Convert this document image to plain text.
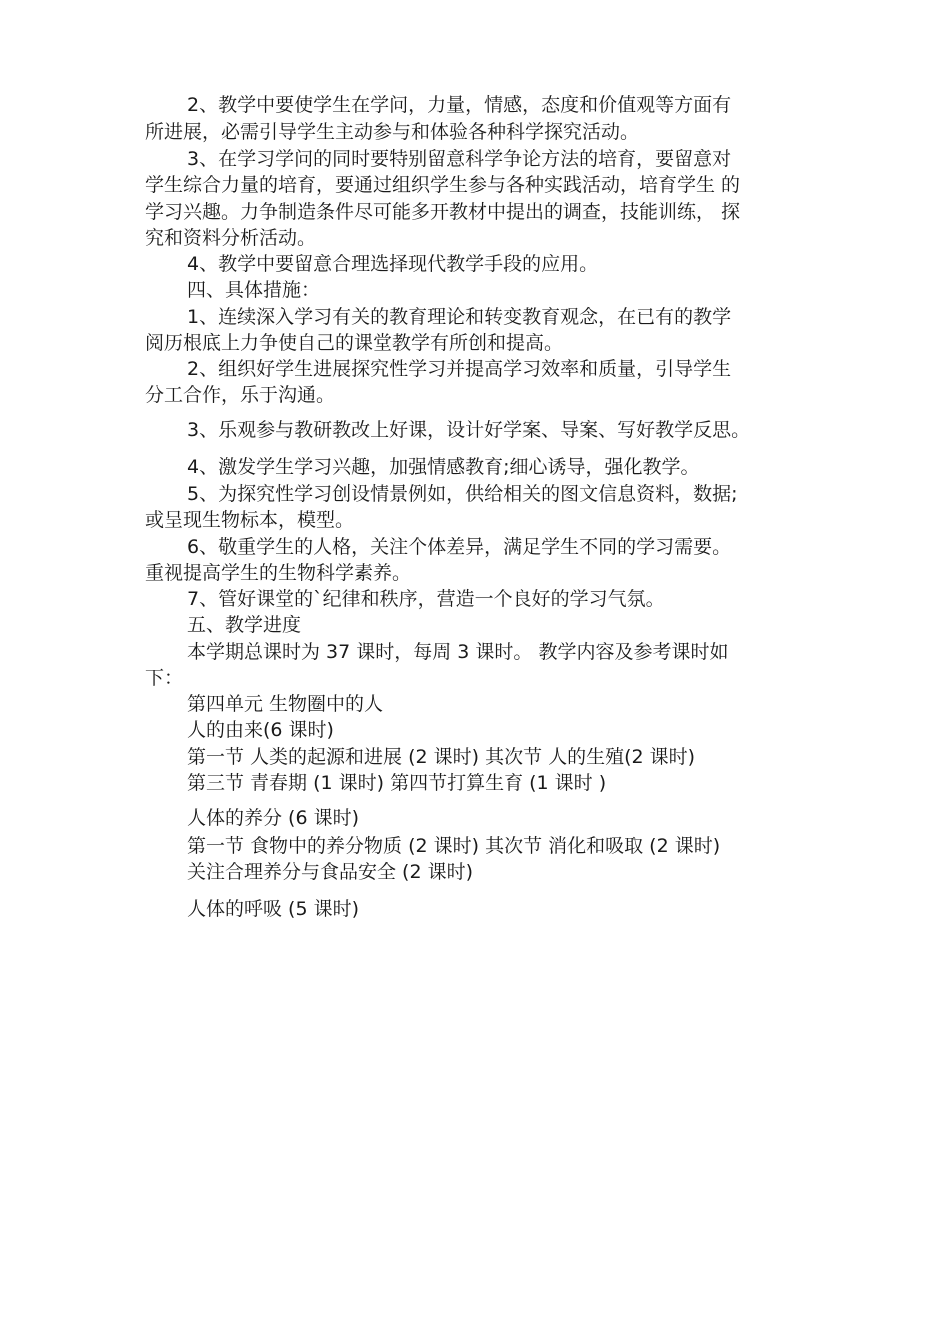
2、教学中要使学生在学问，力量，情感，态度和价值观等方面有
所进展，必需引导学生主动参与和体验各种科学探究活动。
3、在学习学问的同时要特别留意科学争论方法的培育，要留意对
学生综合力量的培育，要通过组织学生参与各种实践活动，培育学生 的
学习兴趣。力争制造条件尽可能多开教材中提出的调查，技能训练， 探
究和资料分析活动。
4、教学中要留意合理选择现代教学手段的应用。
四、具体措施：
1、连续深入学习有关的教育理论和转变教育观念，在已有的教学
阅历根底上力争使自己的课堂教学有所创和提高。
2、组织好学生进展探究性学习并提高学习效率和质量，引导学生
分工合作，乐于沟通。
3、乐观参与教研教改上好课，设计好学案、导案、写好教学反思。
4、激发学生学习兴趣，加强情感教育;细心诱导，强化教学。
5、为探究性学习创设情景例如，供给相关的图文信息资料，数据;
或呈现生物标本，模型。
6、敬重学生的人格，关注个体差异，满足学生不同的学习需要。
重视提高学生的生物科学素养。
7、管好课堂的`纪律和秩序，营造一个良好的学习气氛。
五、教学进度
本学期总课时为 37 课时，每周 3 课时。 教学内容及参考课时如
下：
第四单元 生物圈中的人
人的由来(6 课时)
第一节 人类的起源和进展 (2 课时) 其次节 人的生殖(2 课时)
第三节 青春期 (1 课时) 第四节打算生育 (1 课时 )
人体的养分 (6 课时)
第一节 食物中的养分物质 (2 课时) 其次节 消化和吸取 (2 课时)
关注合理养分与食品安全 (2 课时)
人体的呼吸 (5 课时)
